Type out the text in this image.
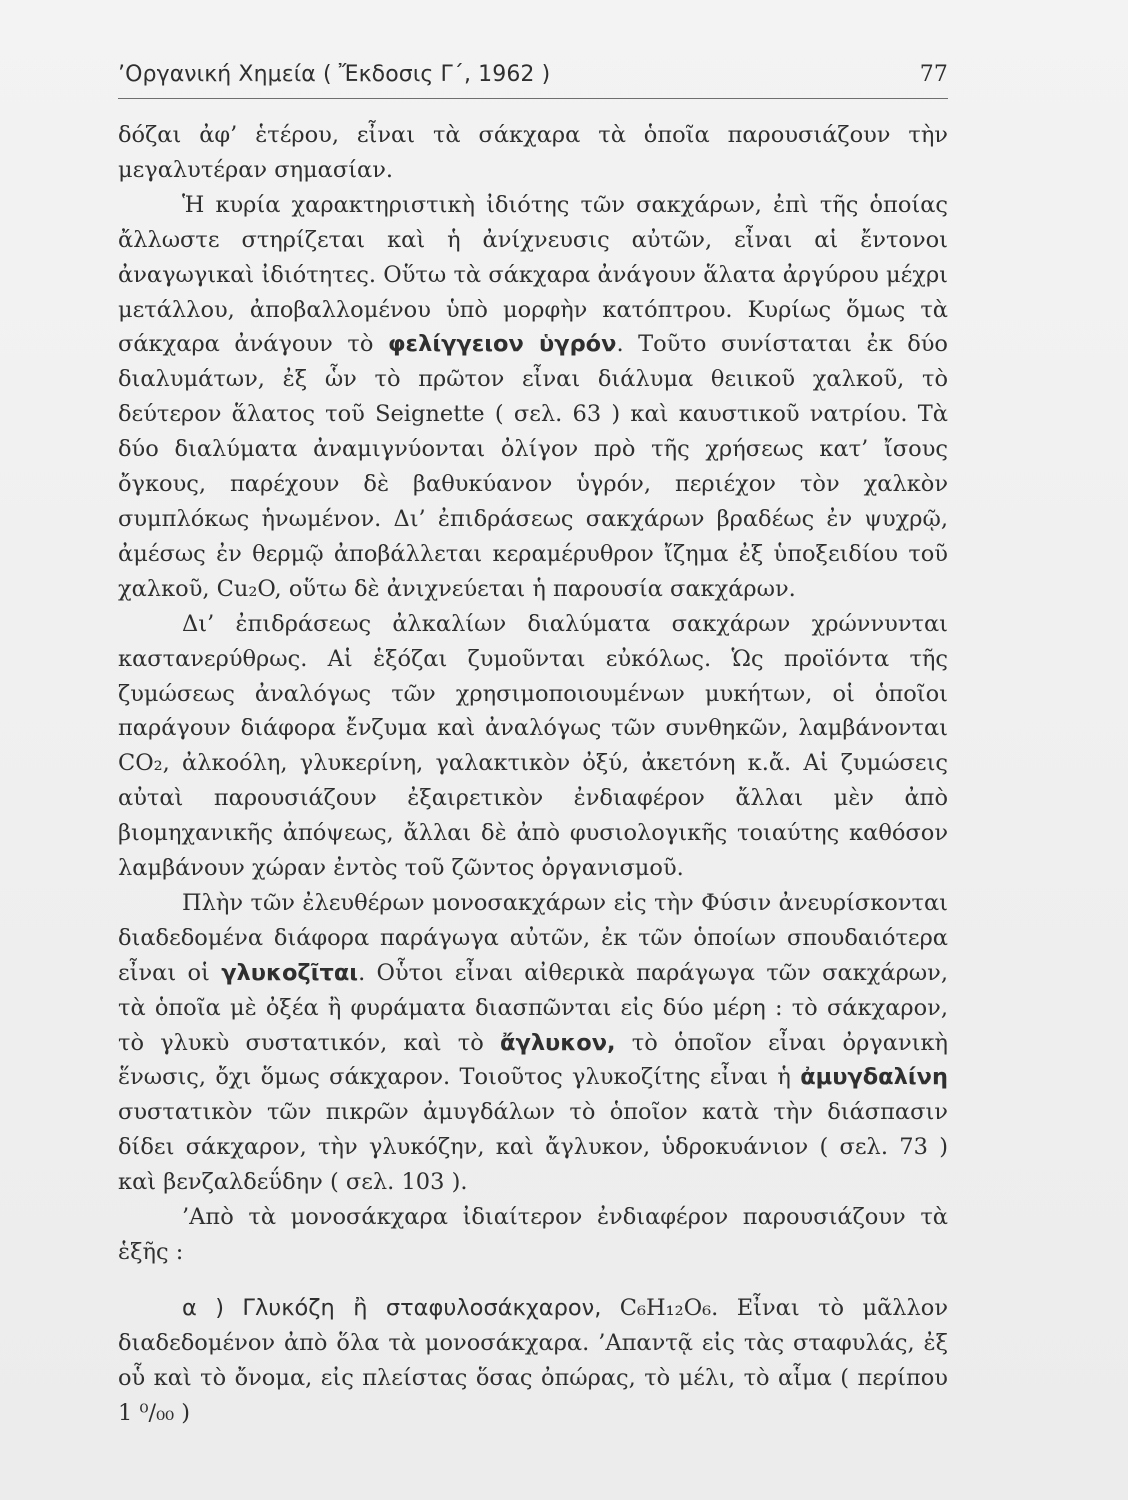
’Οργανική Χημεία ( Ἔκδοσις Γ΄, 1962 )	77

δόζαι ἀφ’ ἑτέρου, εἶναι τὰ σάκχαρα τὰ ὁποῖα παρουσιάζουν τὴν μεγαλυτέραν σημασίαν.

Ἡ κυρία χαρακτηριστικὴ ἰδιότης τῶν σακχάρων, ἐπὶ τῆς ὁποίας ἄλλωστε στηρίζεται καὶ ἡ ἀνίχνευσις αὐτῶν, εἶναι αἱ ἔντονοι ἀναγωγικαὶ ἰδιότητες. Οὕτω τὰ σάκχαρα ἀνάγουν ἅλατα ἀργύρου μέχρι μετάλλου, ἀποβαλλομένου ὑπὸ μορφὴν κατόπτρου. Κυρίως ὅμως τὰ σάκχαρα ἀνάγουν τὸ φελίγγειον ὑγρόν. Τοῦτο συνίσταται ἐκ δύο διαλυμάτων, ἐξ ὧν τὸ πρῶτον εἶναι διάλυμα θειικοῦ χαλκοῦ, τὸ δεύτερον ἅλατος τοῦ Seignette ( σελ. 63 ) καὶ καυστικοῦ νατρίου. Τὰ δύο διαλύματα ἀναμιγνύονται ὀλίγον πρὸ τῆς χρήσεως κατ’ ἴσους ὄγκους, παρέχουν δὲ βαθυκύανον ὑγρόν, περιέχον τὸν χαλκὸν συμπλόκως ἡνωμένον. Δι’ ἐπιδράσεως σακχάρων βραδέως ἐν ψυχρῷ, ἀμέσως ἐν θερμῷ ἀποβάλλεται κεραμέρυθρον ἴζημα ἐξ ὑποξειδίου τοῦ χαλκοῦ, Cu₂O, οὕτω δὲ ἀνιχνεύεται ἡ παρουσία σακχάρων.

Δι’ ἐπιδράσεως ἀλκαλίων διαλύματα σακχάρων χρώννυνται καστανερύθρως. Αἱ ἑξόζαι ζυμοῦνται εὐκόλως. Ὡς προϊόντα τῆς ζυμώσεως ἀναλόγως τῶν χρησιμοποιουμένων μυκήτων, οἱ ὁποῖοι παράγουν διάφορα ἔνζυμα καὶ ἀναλόγως τῶν συνθηκῶν, λαμβάνονται CO₂, ἀλκοόλη, γλυκερίνη, γαλακτικὸν ὀξύ, ἀκετόνη κ.ἄ. Αἱ ζυμώσεις αὐταὶ παρουσιάζουν ἐξαιρετικὸν ἐνδιαφέρον ἄλλαι μὲν ἀπὸ βιομηχανικῆς ἀπόψεως, ἄλλαι δὲ ἀπὸ φυσιολογικῆς τοιαύτης καθόσον λαμβάνουν χώραν ἐντὸς τοῦ ζῶντος ὀργανισμοῦ.

Πλὴν τῶν ἐλευθέρων μονοσακχάρων εἰς τὴν Φύσιν ἀνευρίσκονται διαδεδομένα διάφορα παράγωγα αὐτῶν, ἐκ τῶν ὁποίων σπουδαιότερα εἶναι οἱ γλυκοζῖται. Οὗτοι εἶναι αἰθερικὰ παράγωγα τῶν σακχάρων, τὰ ὁποῖα μὲ ὀξέα ἢ φυράματα διασπῶνται εἰς δύο μέρη : τὸ σάκχαρον, τὸ γλυκὺ συστατικόν, καὶ τὸ ἄγλυκον, τὸ ὁποῖον εἶναι ὀργανικὴ ἕνωσις, ὄχι ὅμως σάκχαρον. Τοιοῦτος γλυκοζίτης εἶναι ἡ ἀμυγδαλίνη συστατικὸν τῶν πικρῶν ἀμυγδάλων τὸ ὁποῖον κατὰ τὴν διάσπασιν δίδει σάκχαρον, τὴν γλυκόζην, καὶ ἄγλυκον, ὑδροκυάνιον ( σελ. 73 ) καὶ βενζαλδεΰδην ( σελ. 103 ).

’Απὸ τὰ μονοσάκχαρα ἰδιαίτερον ἐνδιαφέρον παρουσιάζουν τὰ ἑξῆς :

α ) Γλυκόζη ἢ σταφυλοσάκχαρον, C₆H₁₂O₆. Εἶναι τὸ μᾶλλον διαδεδομένον ἀπὸ ὅλα τὰ μονοσάκχαρα. ’Απαντᾷ εἰς τὰς σταφυλάς, ἐξ οὗ καὶ τὸ ὄνομα, εἰς πλείστας ὅσας ὀπώρας, τὸ μέλι, τὸ αἷμα ( περίπου 1 ⁰/₀₀ )
